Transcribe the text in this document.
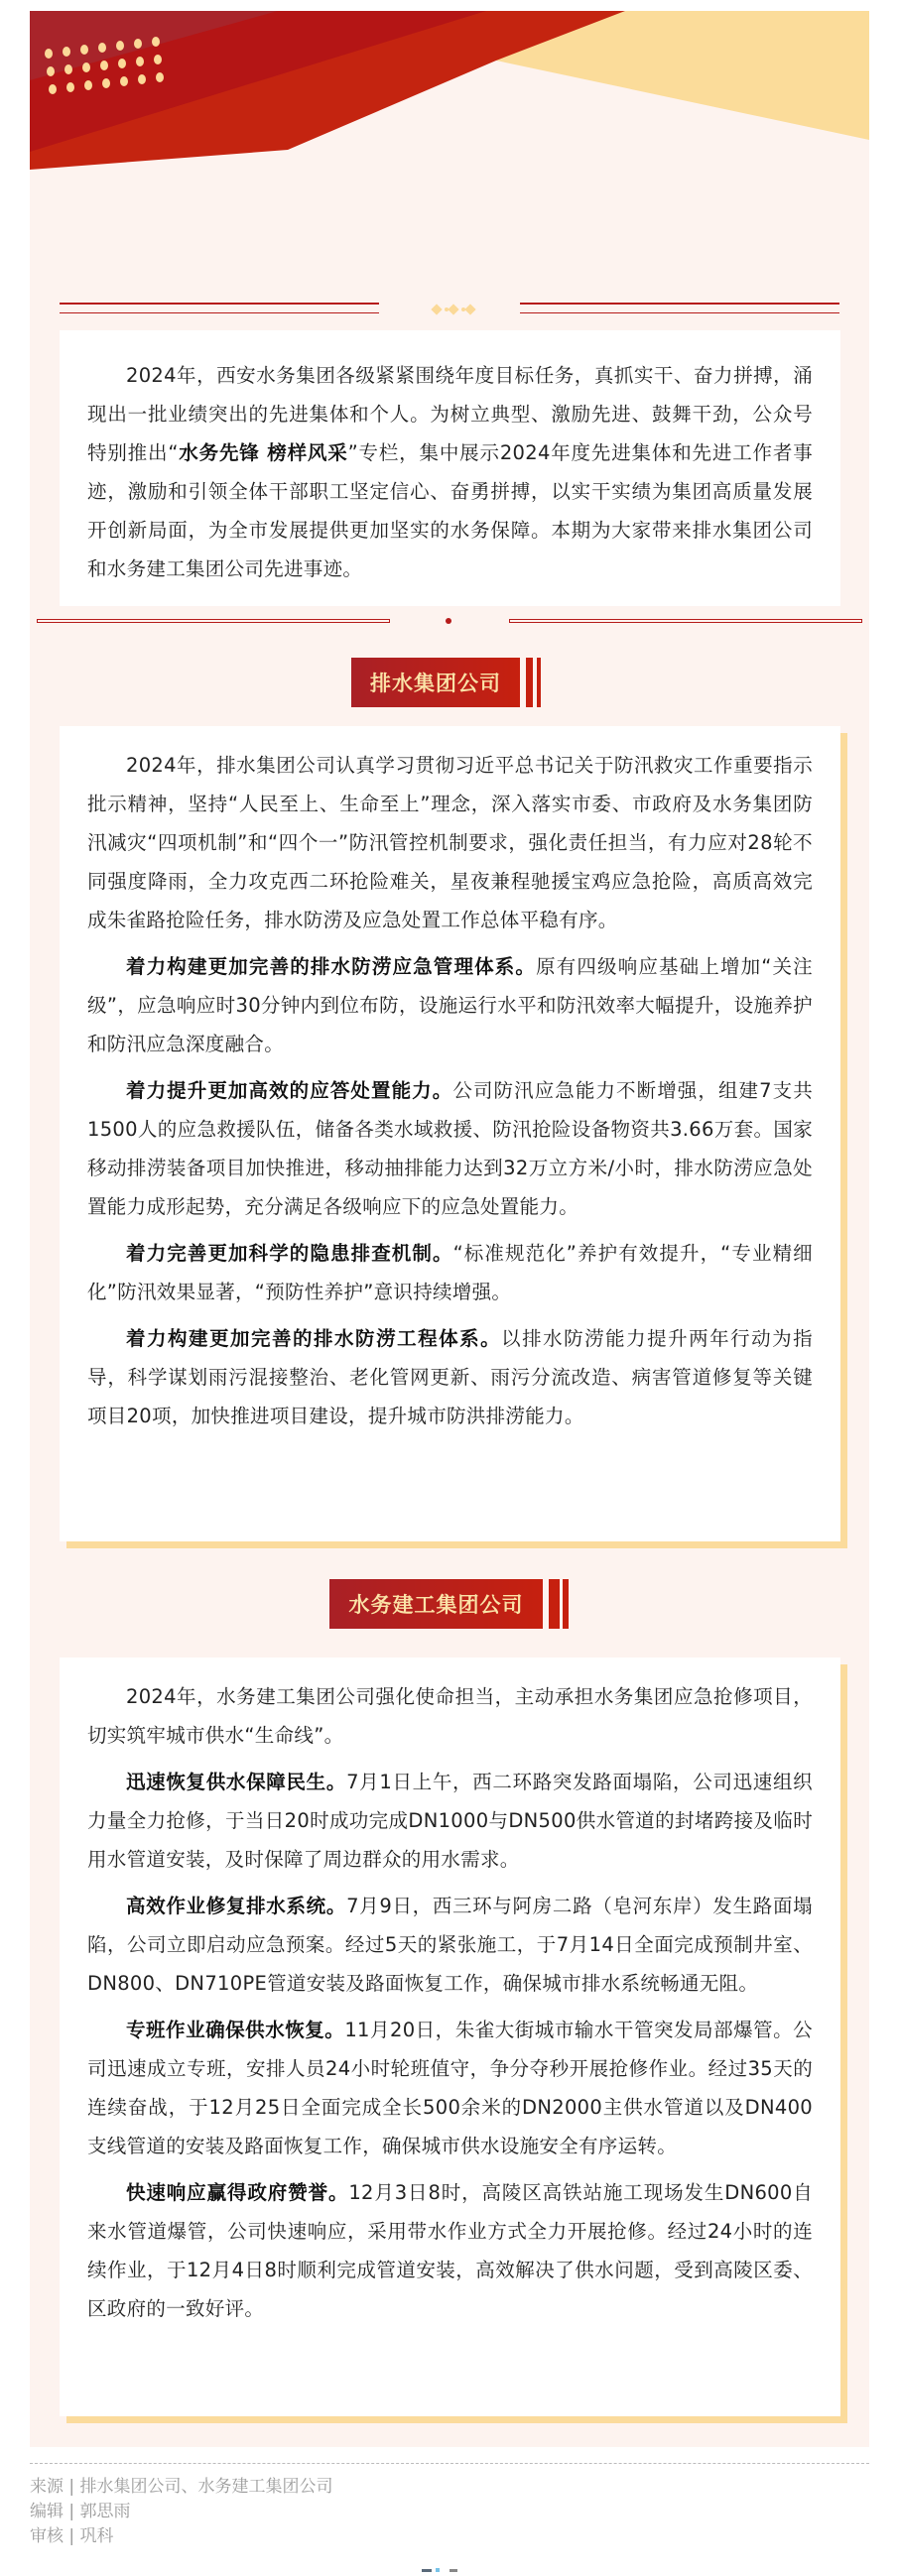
2024年，西安水务集团各级紧紧围绕年度目标任务，真抓实干、奋力拼搏，涌现出一批业绩突出的先进集体和个人。为树立典型、激励先进、鼓舞干劲，公众号特别推出“水务先锋 榜样风采”专栏，集中展示2024年度先进集体和先进工作者事迹，激励和引领全体干部职工坚定信心、奋勇拼搏，以实干实绩为集团高质量发展开创新局面，为全市发展提供更加坚实的水务保障。本期为大家带来排水集团公司和水务建工集团公司先进事迹。

排水集团公司

2024年，排水集团公司认真学习贯彻习近平总书记关于防汛救灾工作重要指示批示精神，坚持“人民至上、生命至上”理念，深入落实市委、市政府及水务集团防汛减灾“四项机制”和“四个一”防汛管控机制要求，强化责任担当，有力应对28轮不同强度降雨，全力攻克西二环抢险难关，星夜兼程驰援宝鸡应急抢险，高质高效完成朱雀路抢险任务，排水防涝及应急处置工作总体平稳有序。

着力构建更加完善的排水防涝应急管理体系。原有四级响应基础上增加“关注级”，应急响应时30分钟内到位布防，设施运行水平和防汛效率大幅提升，设施养护和防汛应急深度融合。

着力提升更加高效的应答处置能力。公司防汛应急能力不断增强，组建7支共1500人的应急救援队伍，储备各类水域救援、防汛抢险设备物资共3.66万套。国家移动排涝装备项目加快推进，移动抽排能力达到32万立方米/小时，排水防涝应急处置能力成形起势，充分满足各级响应下的应急处置能力。

着力完善更加科学的隐患排查机制。“标准规范化”养护有效提升，“专业精细化”防汛效果显著，“预防性养护”意识持续增强。

着力构建更加完善的排水防涝工程体系。以排水防涝能力提升两年行动为指导，科学谋划雨污混接整治、老化管网更新、雨污分流改造、病害管道修复等关键项目20项，加快推进项目建设，提升城市防洪排涝能力。

水务建工集团公司

2024年，水务建工集团公司强化使命担当，主动承担水务集团应急抢修项目，切实筑牢城市供水“生命线”。

迅速恢复供水保障民生。7月1日上午，西二环路突发路面塌陷，公司迅速组织力量全力抢修，于当日20时成功完成DN1000与DN500供水管道的封堵跨接及临时用水管道安装，及时保障了周边群众的用水需求。

高效作业修复排水系统。7月9日，西三环与阿房二路（皂河东岸）发生路面塌陷，公司立即启动应急预案。经过5天的紧张施工，于7月14日全面完成预制井室、DN800、DN710PE管道安装及路面恢复工作，确保城市排水系统畅通无阻。

专班作业确保供水恢复。11月20日，朱雀大街城市输水干管突发局部爆管。公司迅速成立专班，安排人员24小时轮班值守，争分夺秒开展抢修作业。经过35天的连续奋战，于12月25日全面完成全长500余米的DN2000主供水管道以及DN400支线管道的安装及路面恢复工作，确保城市供水设施安全有序运转。

快速响应赢得政府赞誉。12月3日8时，高陵区高铁站施工现场发生DN600自来水管道爆管，公司快速响应，采用带水作业方式全力开展抢修。经过24小时的连续作业，于12月4日8时顺利完成管道安装，高效解决了供水问题，受到高陵区委、区政府的一致好评。

来源 | 排水集团公司、水务建工集团公司
编辑 | 郭思雨
审核 | 巩科
